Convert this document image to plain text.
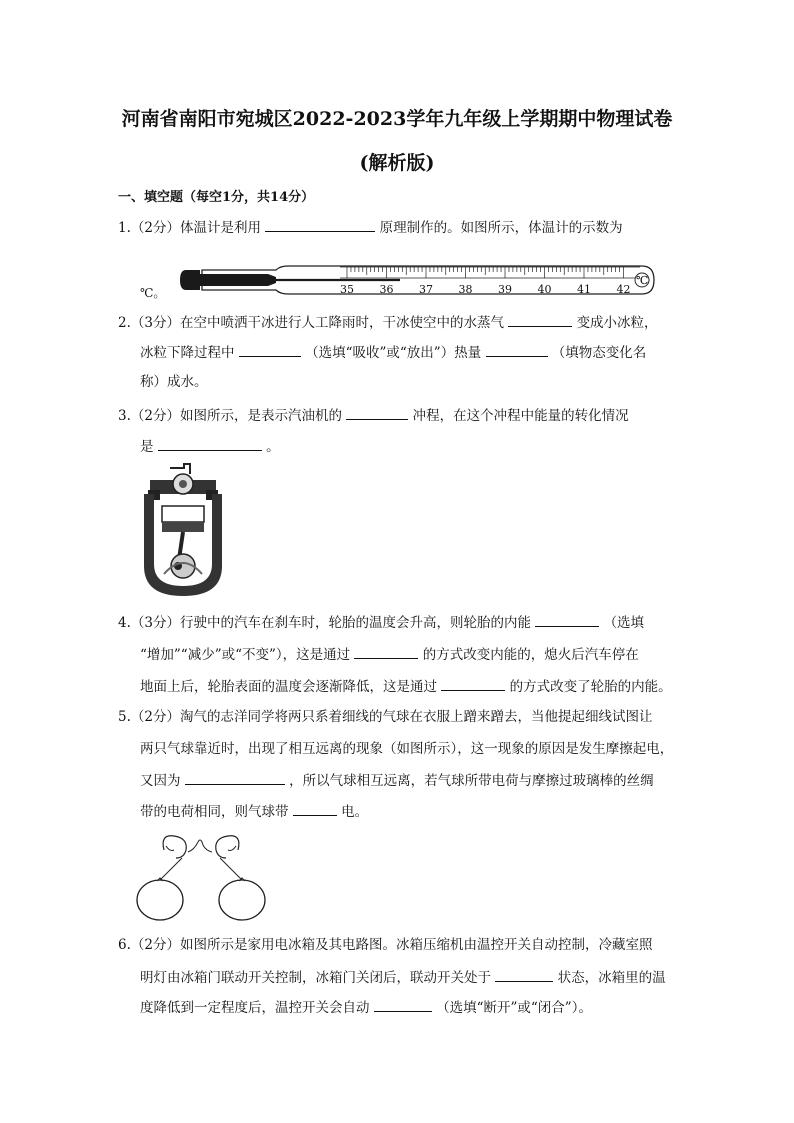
河南省南阳市宛城区2022-2023学年九年级上学期期中物理试卷
(解析版)
一、填空题（每空1分，共14分）
1.（2分）体温计是利用	原理制作的。如图所示，体温计的示数为
℃
35 36 37 38 39 40 41 42
℃。
2.（3分）在空中喷洒干冰进行人工降雨时，干冰使空中的水蒸气	变成小冰粒，
冰粒下降过程中	（选填“吸收”或“放出”）热量	（填物态变化名
称）成水。
3.（2分）如图所示，是表示汽油机的	冲程，在这个冲程中能量的转化情况
是	。
4.（3分）行驶中的汽车在刹车时，轮胎的温度会升高，则轮胎的内能	（选填
“增加”“减少”或“不变”），这是通过	的方式改变内能的，熄火后汽车停在
地面上后，轮胎表面的温度会逐渐降低，这是通过	的方式改变了轮胎的内能。
5.（2分）淘气的志洋同学将两只系着细线的气球在衣服上蹭来蹭去，当他提起细线试图让
两只气球靠近时，出现了相互远离的现象（如图所示），这一现象的原因是发生摩擦起电，
又因为	，所以气球相互远离，若气球所带电荷与摩擦过玻璃棒的丝绸
带的电荷相同，则气球带	电。
6.（2分）如图所示是家用电冰箱及其电路图。冰箱压缩机由温控开关自动控制，冷藏室照
明灯由冰箱门联动开关控制，冰箱门关闭后，联动开关处于	状态，冰箱里的温
度降低到一定程度后，温控开关会自动	（选填“断开”或“闭合”）。
